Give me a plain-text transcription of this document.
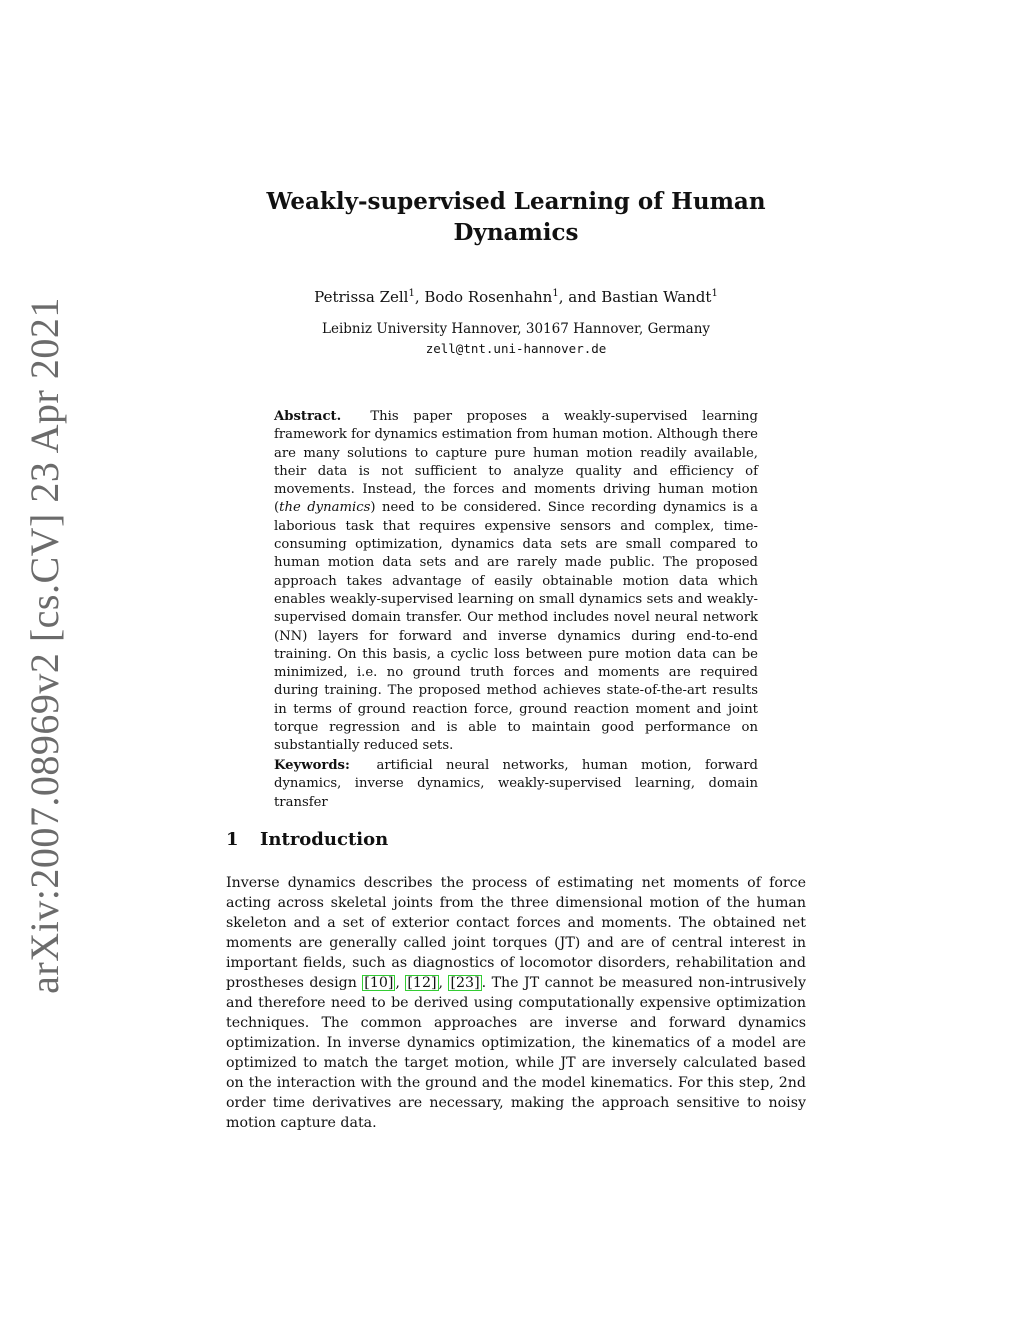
arXiv:2007.08969v2 [cs.CV] 23 Apr 2021
Weakly-supervised Learning of Human
Dynamics
Petrissa Zell$^1$, Bodo Rosenhahn$^1$, and Bastian Wandt$^1$
Leibniz University Hannover, 30167 Hannover, Germany
zell@tnt.uni-hannover.de

Abstract. This paper proposes a weakly-supervised learning framework for dynamics estimation from human motion. Although there are many solutions to capture pure human motion readily available, their data is not sufficient to analyze quality and efficiency of movements. Instead, the forces and moments driving human motion (the dynamics) need to be considered. Since recording dynamics is a laborious task that requires expensive sensors and complex, time-consuming optimization, dynamics data sets are small compared to human motion data sets and are rarely made public. The proposed approach takes advantage of easily obtainable motion data which enables weakly-supervised learning on small dynamics sets and weakly-supervised domain transfer. Our method includes novel neural network (NN) layers for forward and inverse dynamics during end-to-end training. On this basis, a cyclic loss between pure motion data can be minimized, i.e. no ground truth forces and moments are required during training. The proposed method achieves state-of-the-art results in terms of ground reaction force, ground reaction moment and joint torque regression and is able to maintain good performance on substantially reduced sets.

Keywords: artificial neural networks, human motion, forward dynamics, inverse dynamics, weakly-supervised learning, domain transfer

1 Introduction

Inverse dynamics describes the process of estimating net moments of force acting across skeletal joints from the three dimensional motion of the human skeleton and a set of exterior contact forces and moments. The obtained net moments are generally called joint torques (JT) and are of central interest in important fields, such as diagnostics of locomotor disorders, rehabilitation and prostheses design [10] , [12] , [23] . The JT cannot be measured non-intrusively and therefore need to be derived using computationally expensive optimization techniques. The common approaches are inverse and forward dynamics optimization. In inverse dynamics optimization, the kinematics of a model are optimized to match the target motion, while JT are inversely calculated based on the interaction with the ground and the model kinematics. For this step, 2nd order time derivatives are necessary, making the approach sensitive to noisy motion capture data.
